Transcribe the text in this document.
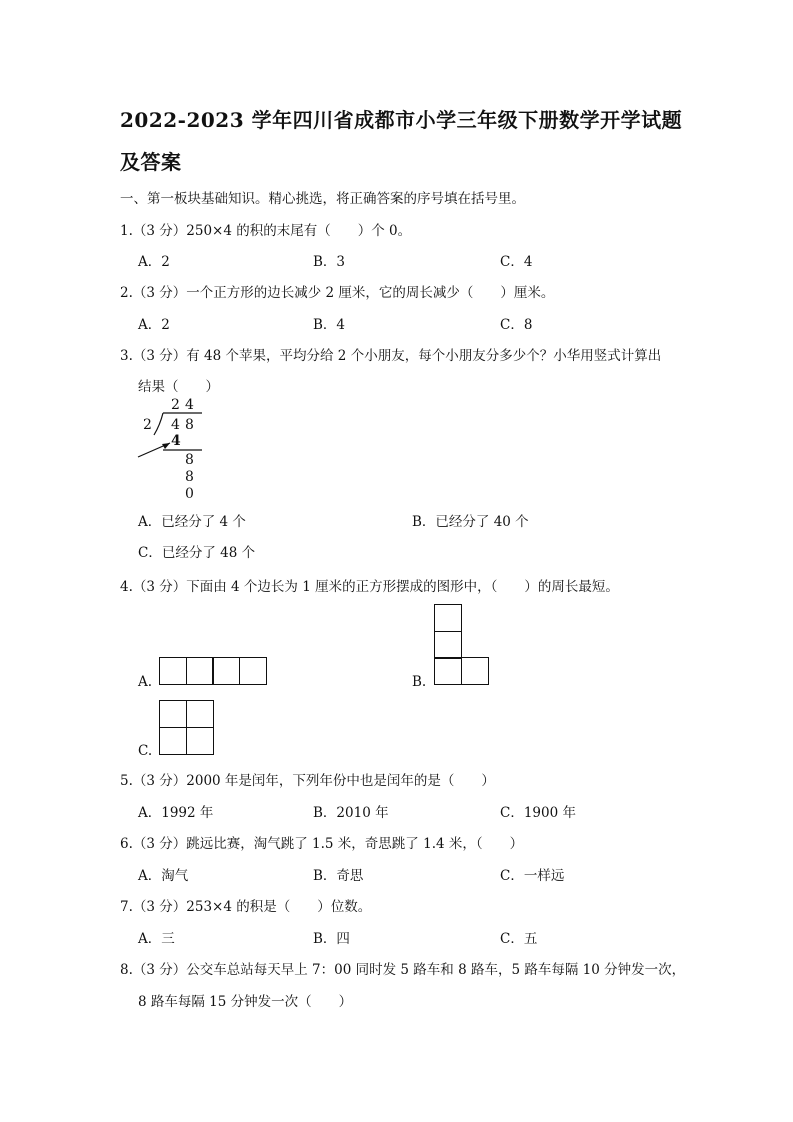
2022-2023 学年四川省成都市小学三年级下册数学开学试题
及答案
一、第一板块基础知识。精心挑选，将正确答案的序号填在括号里。
1.（3 分）250×4 的积的末尾有（　　）个 0。
A．2	B．3	C．4
2.（3 分）一个正方形的边长减少 2 厘米，它的周长减少（　　）厘米。
A．2	B．4	C．8
3.（3 分）有 48 个苹果，平均分给 2 个小朋友，每个小朋友分多少个？小华用竖式计算出
结果（　　）
2 4
2 4 8
4
8
8
0
A．已经分了 4 个	B．已经分了 40 个
C．已经分了 48 个
4.（3 分）下面由 4 个边长为 1 厘米的正方形摆成的图形中，（　　）的周长最短。
A.	B.
C.
5.（3 分）2000 年是闰年，下列年份中也是闰年的是（　　）
A．1992 年	B．2010 年	C．1900 年
6.（3 分）跳远比赛，淘气跳了 1.5 米，奇思跳了 1.4 米，（　　）
A．淘气	B．奇思	C．一样远
7.（3 分）253×4 的积是（　　）位数。
A．三	B．四	C．五
8.（3 分）公交车总站每天早上 7：00 同时发 5 路车和 8 路车，5 路车每隔 10 分钟发一次，
8 路车每隔 15 分钟发一次（　　）
